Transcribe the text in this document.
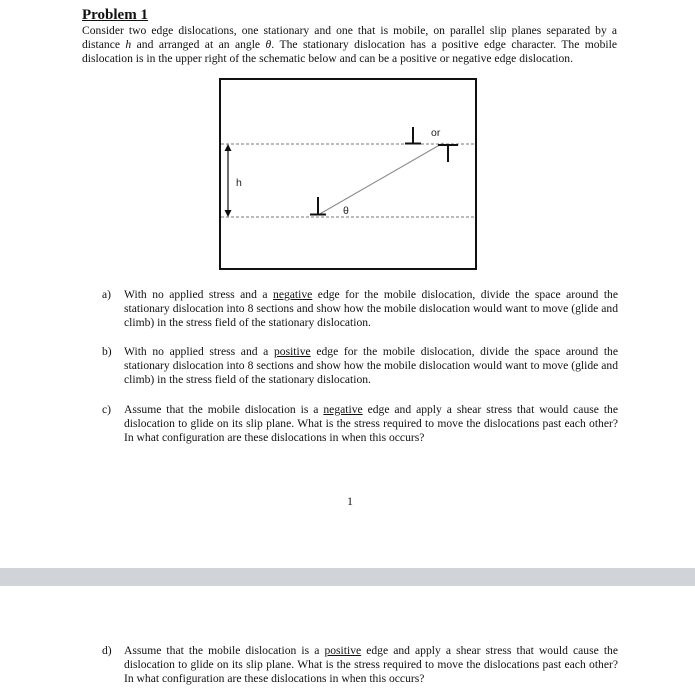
Problem 1
Consider two edge dislocations, one stationary and one that is mobile, on parallel slip planes separated by a distance h and arranged at an angle θ. The stationary dislocation has a positive edge character. The mobile dislocation is in the upper right of the schematic below and can be a positive or negative edge dislocation.
h
θ
or
a)	With no applied stress and a negative edge for the mobile dislocation, divide the space around the stationary dislocation into 8 sections and show how the mobile dislocation would want to move (glide and climb) in the stress field of the stationary dislocation.
b)	With no applied stress and a positive edge for the mobile dislocation, divide the space around the stationary dislocation into 8 sections and show how the mobile dislocation would want to move (glide and climb) in the stress field of the stationary dislocation.
c)	Assume that the mobile dislocation is a negative edge and apply a shear stress that would cause the dislocation to glide on its slip plane. What is the stress required to move the dislocations past each other? In what configuration are these dislocations in when this occurs?
1
d)	Assume that the mobile dislocation is a positive edge and apply a shear stress that would cause the dislocation to glide on its slip plane. What is the stress required to move the dislocations past each other? In what configuration are these dislocations in when this occurs?
